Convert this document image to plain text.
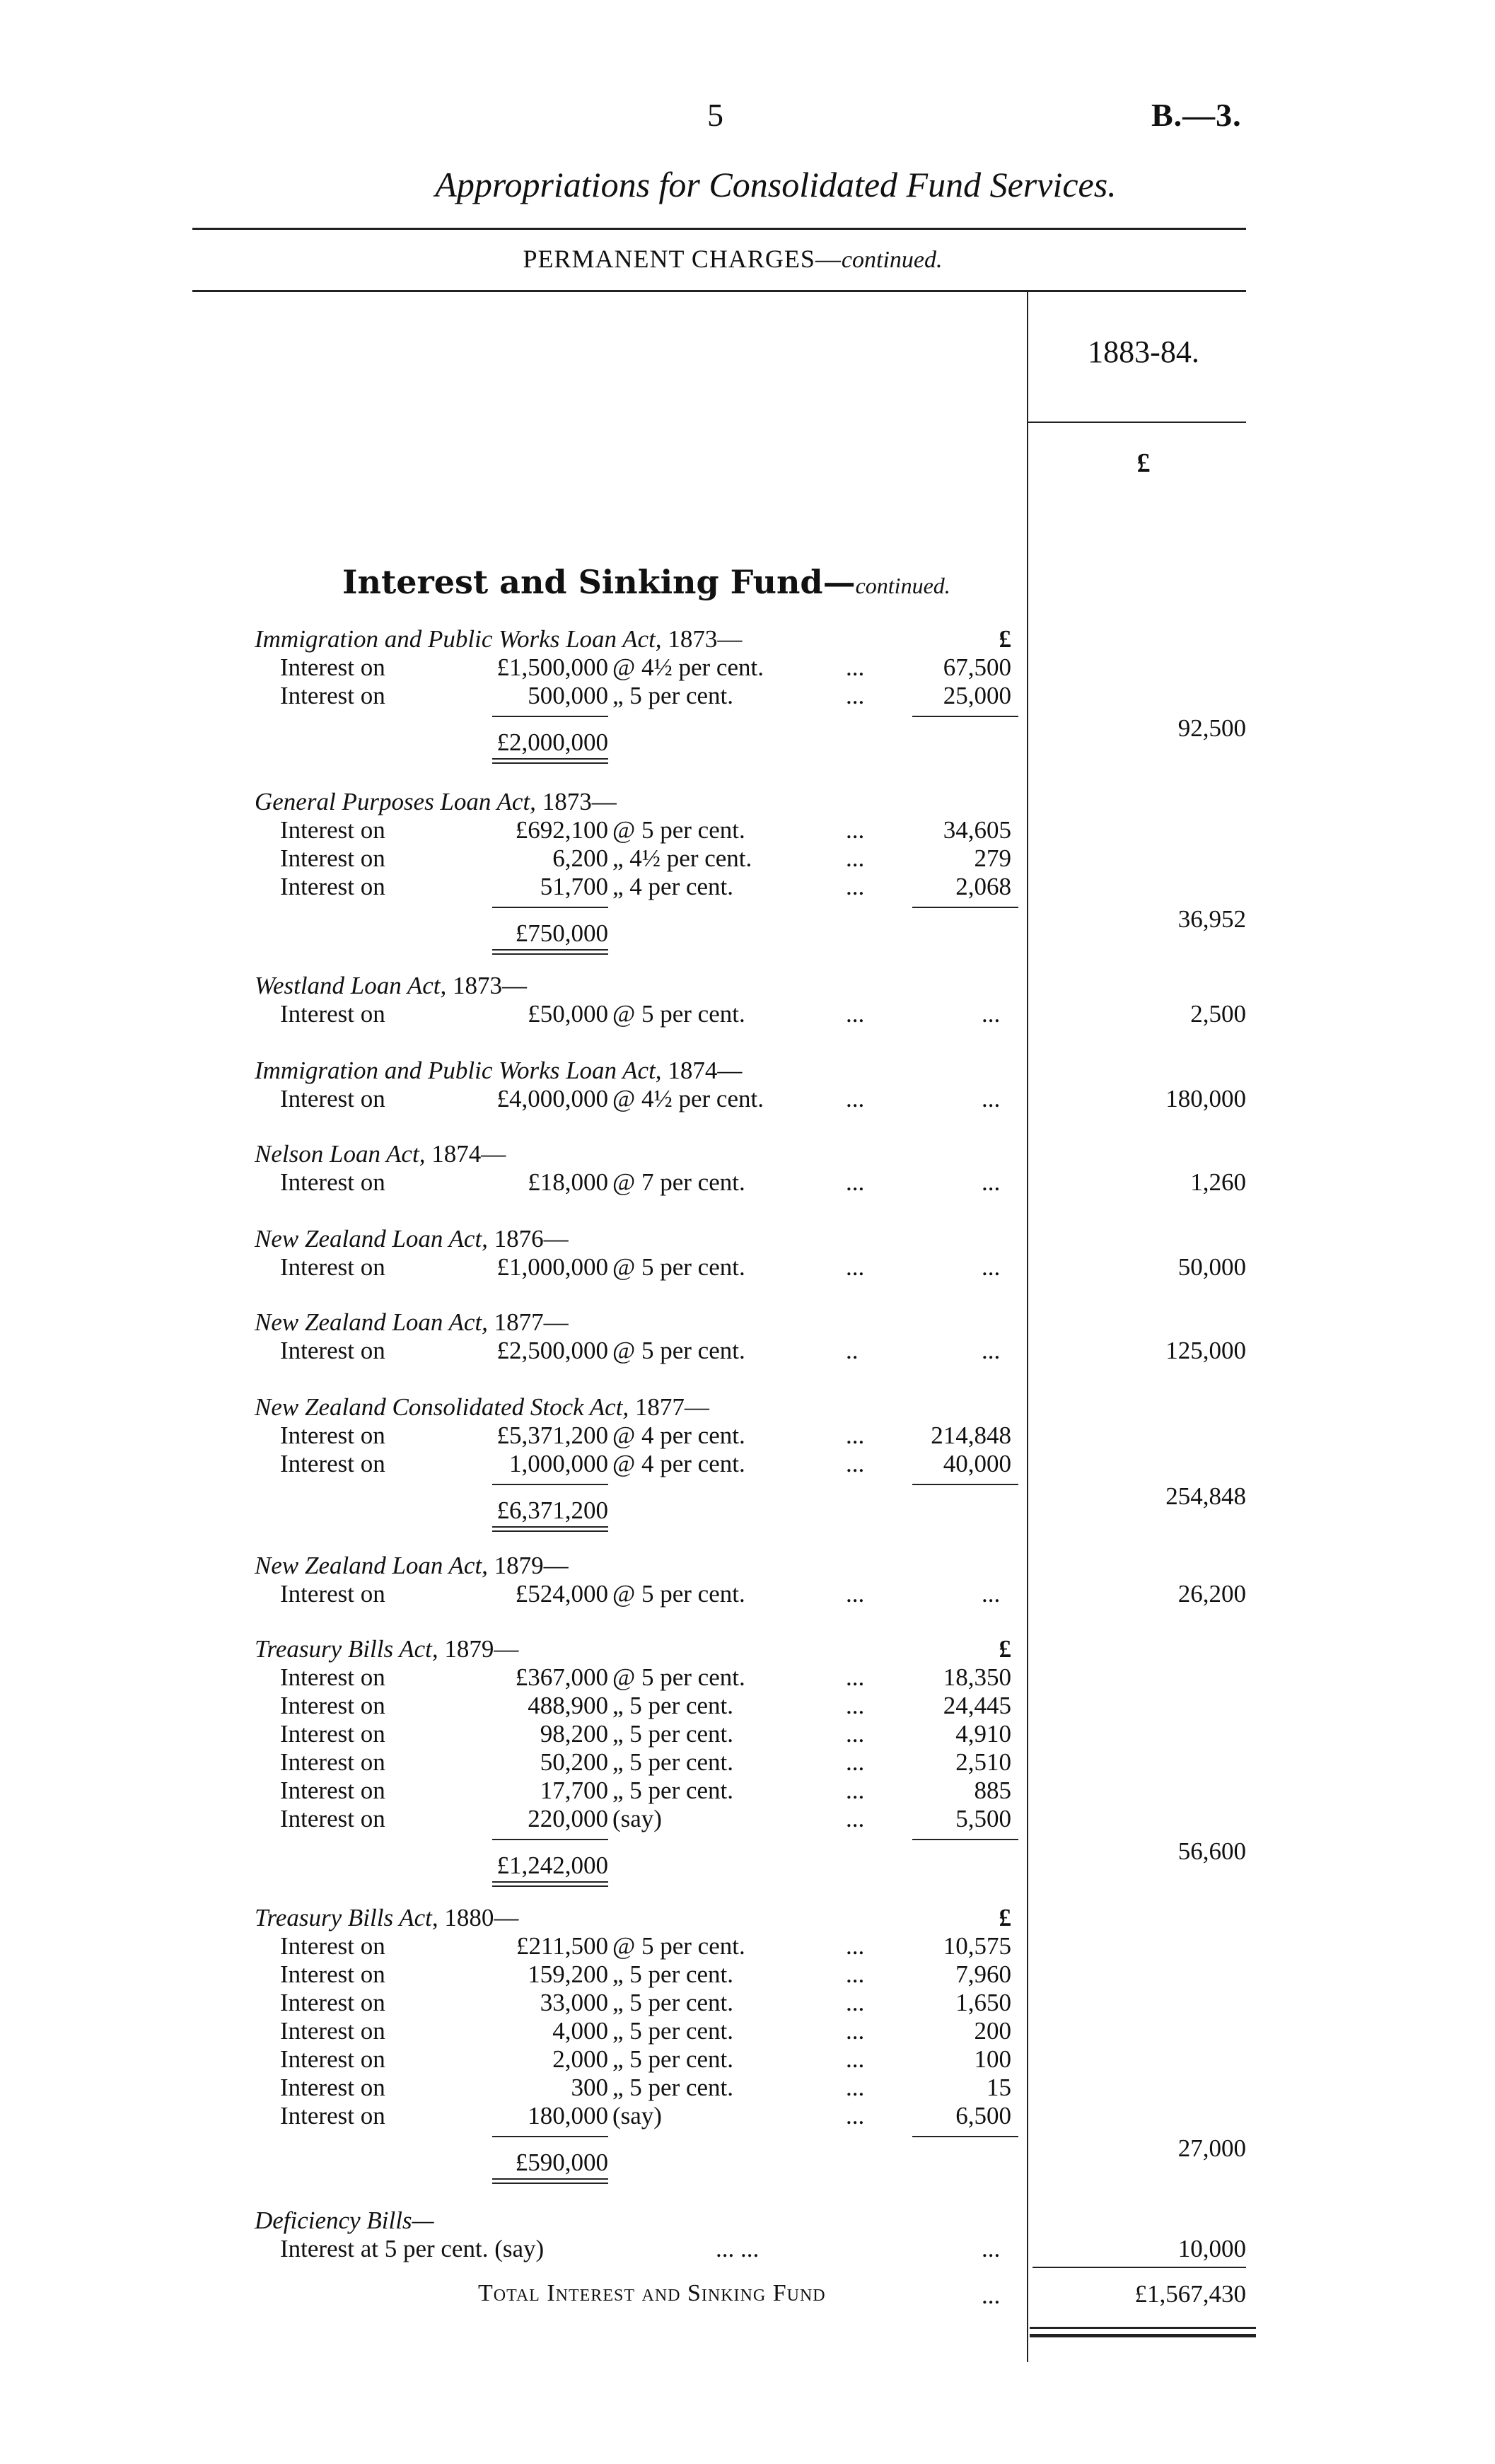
5	B.—3.
Appropriations for Consolidated Fund Services.
PERMANENT CHARGES—continued.
1883-84.
£
Interest and Sinking Fund—continued.
Immigration and Public Works Loan Act, 1873—	£
Interest on	£1,500,000 @ 4½ per cent.	...	67,500
Interest on	500,000 „ 5 per cent.	...	25,000
£2,000,000
92,500
General Purposes Loan Act, 1873—
Interest on	£692,100 @ 5 per cent.	...	34,605
Interest on	6,200 „ 4½ per cent.	...	279
Interest on	51,700 „ 4 per cent.	...	2,068
£750,000
36,952
Westland Loan Act, 1873—
Interest on	£50,000 @ 5 per cent.	...	...	2,500
Immigration and Public Works Loan Act, 1874—
Interest on	£4,000,000 @ 4½ per cent.	...	...	180,000
Nelson Loan Act, 1874—
Interest on	£18,000 @ 7 per cent.	...	...	1,260
New Zealand Loan Act, 1876—
Interest on	£1,000,000 @ 5 per cent.	...	...	50,000
New Zealand Loan Act, 1877—
Interest on	£2,500,000 @ 5 per cent.	..	...	125,000
New Zealand Consolidated Stock Act, 1877—
Interest on	£5,371,200 @ 4 per cent.	...	214,848
Interest on	1,000,000 @ 4 per cent.	...	40,000
£6,371,200
254,848
New Zealand Loan Act, 1879—
Interest on	£524,000 @ 5 per cent.	...	...	26,200
Treasury Bills Act, 1879—	£
Interest on	£367,000 @ 5 per cent.	...	18,350
Interest on	488,900 „ 5 per cent.	...	24,445
Interest on	98,200 „ 5 per cent.	...	4,910
Interest on	50,200 „ 5 per cent.	...	2,510
Interest on	17,700 „ 5 per cent.	...	885
Interest on	220,000 (say)	...	5,500
£1,242,000
56,600
Treasury Bills Act, 1880—	£
Interest on	£211,500 @ 5 per cent.	...	10,575
Interest on	159,200 „ 5 per cent.	...	7,960
Interest on	33,000 „ 5 per cent.	...	1,650
Interest on	4,000 „ 5 per cent.	...	200
Interest on	2,000 „ 5 per cent.	...	100
Interest on	300 „ 5 per cent.	...	15
Interest on	180,000 (say)	...	6,500
£590,000
27,000
Deficiency Bills—
Interest at 5 per cent. (say)	... ...	...	10,000
Total Interest and Sinking Fund	...	£1,567,430
